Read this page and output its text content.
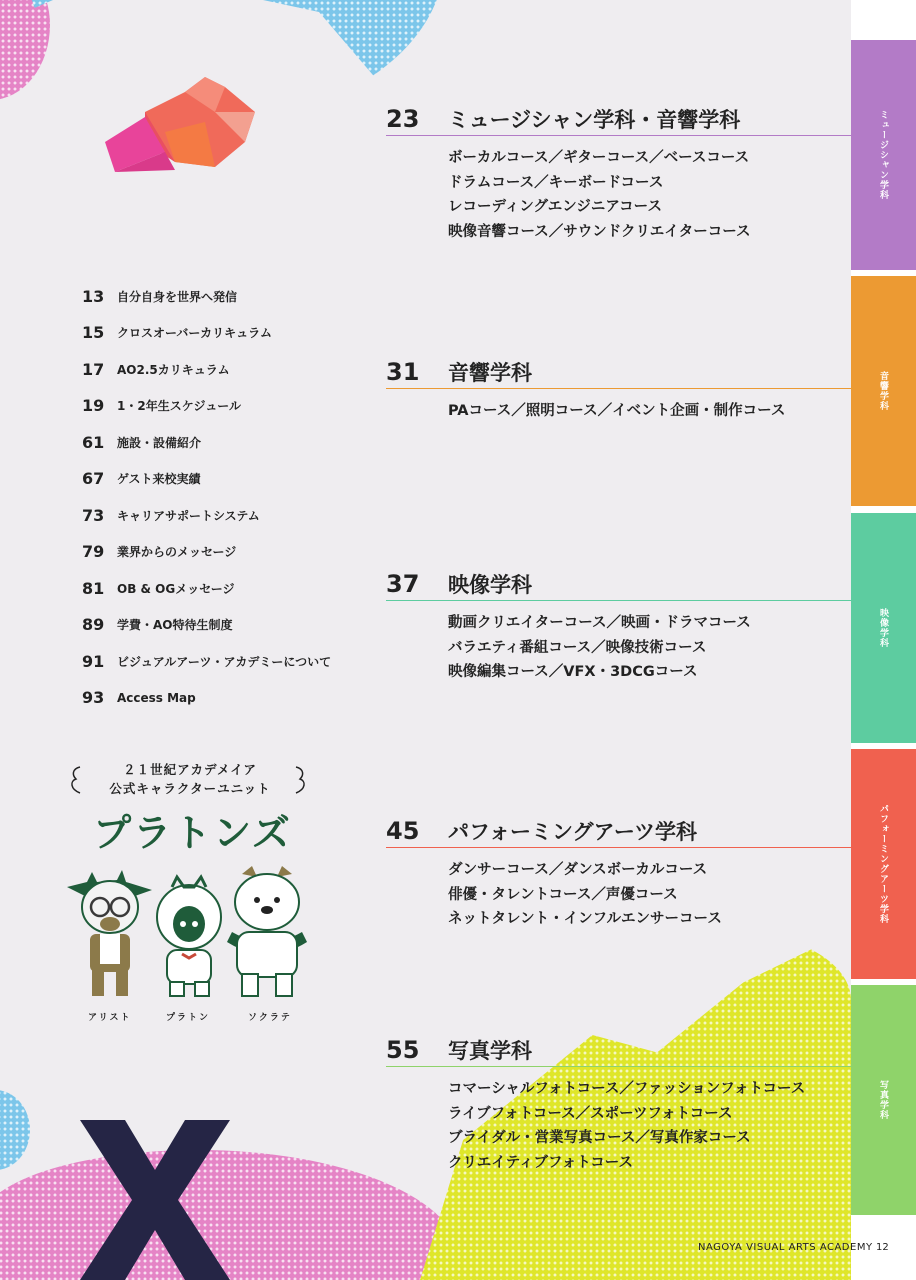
ミュージシャン学科
音響学科
映像学科
パフォーミングアーツ学科
写真学科
13	自分自身を世界へ発信
15	クロスオーバーカリキュラム
17	AO2.5カリキュラム
19	1・2年生スケジュール
61	施設・設備紹介
67	ゲスト来校実績
73	キャリアサポートシステム
79	業界からのメッセージ
81	OB & OGメッセージ
89	学費・AO特待生制度
91	ビジュアルアーツ・アカデミーについて
93	Access Map
23	ミュージシャン学科・音響学科
ボーカルコース／ギターコース／ベースコース
ドラムコース／キーボードコース
レコーディングエンジニアコース
映像音響コース／サウンドクリエイターコース
31	音響学科
PAコース／照明コース／イベント企画・制作コース
37	映像学科
動画クリエイターコース／映画・ドラマコース
バラエティ番組コース／映像技術コース
映像編集コース／VFX・3DCGコース
45	パフォーミングアーツ学科
ダンサーコース／ダンスボーカルコース
俳優・タレントコース／声優コース
ネットタレント・インフルエンサーコース
55	写真学科
コマーシャルフォトコース／ファッションフォトコース
ライブフォトコース／スポーツフォトコース
ブライダル・営業写真コース／写真作家コース
クリエイティブフォトコース
２１世紀アカデメイア
公式キャラクターユニット
プラトンズ
アリスト	プラトン	ソクラテ
NAGOYA VISUAL ARTS ACADEMY 12
